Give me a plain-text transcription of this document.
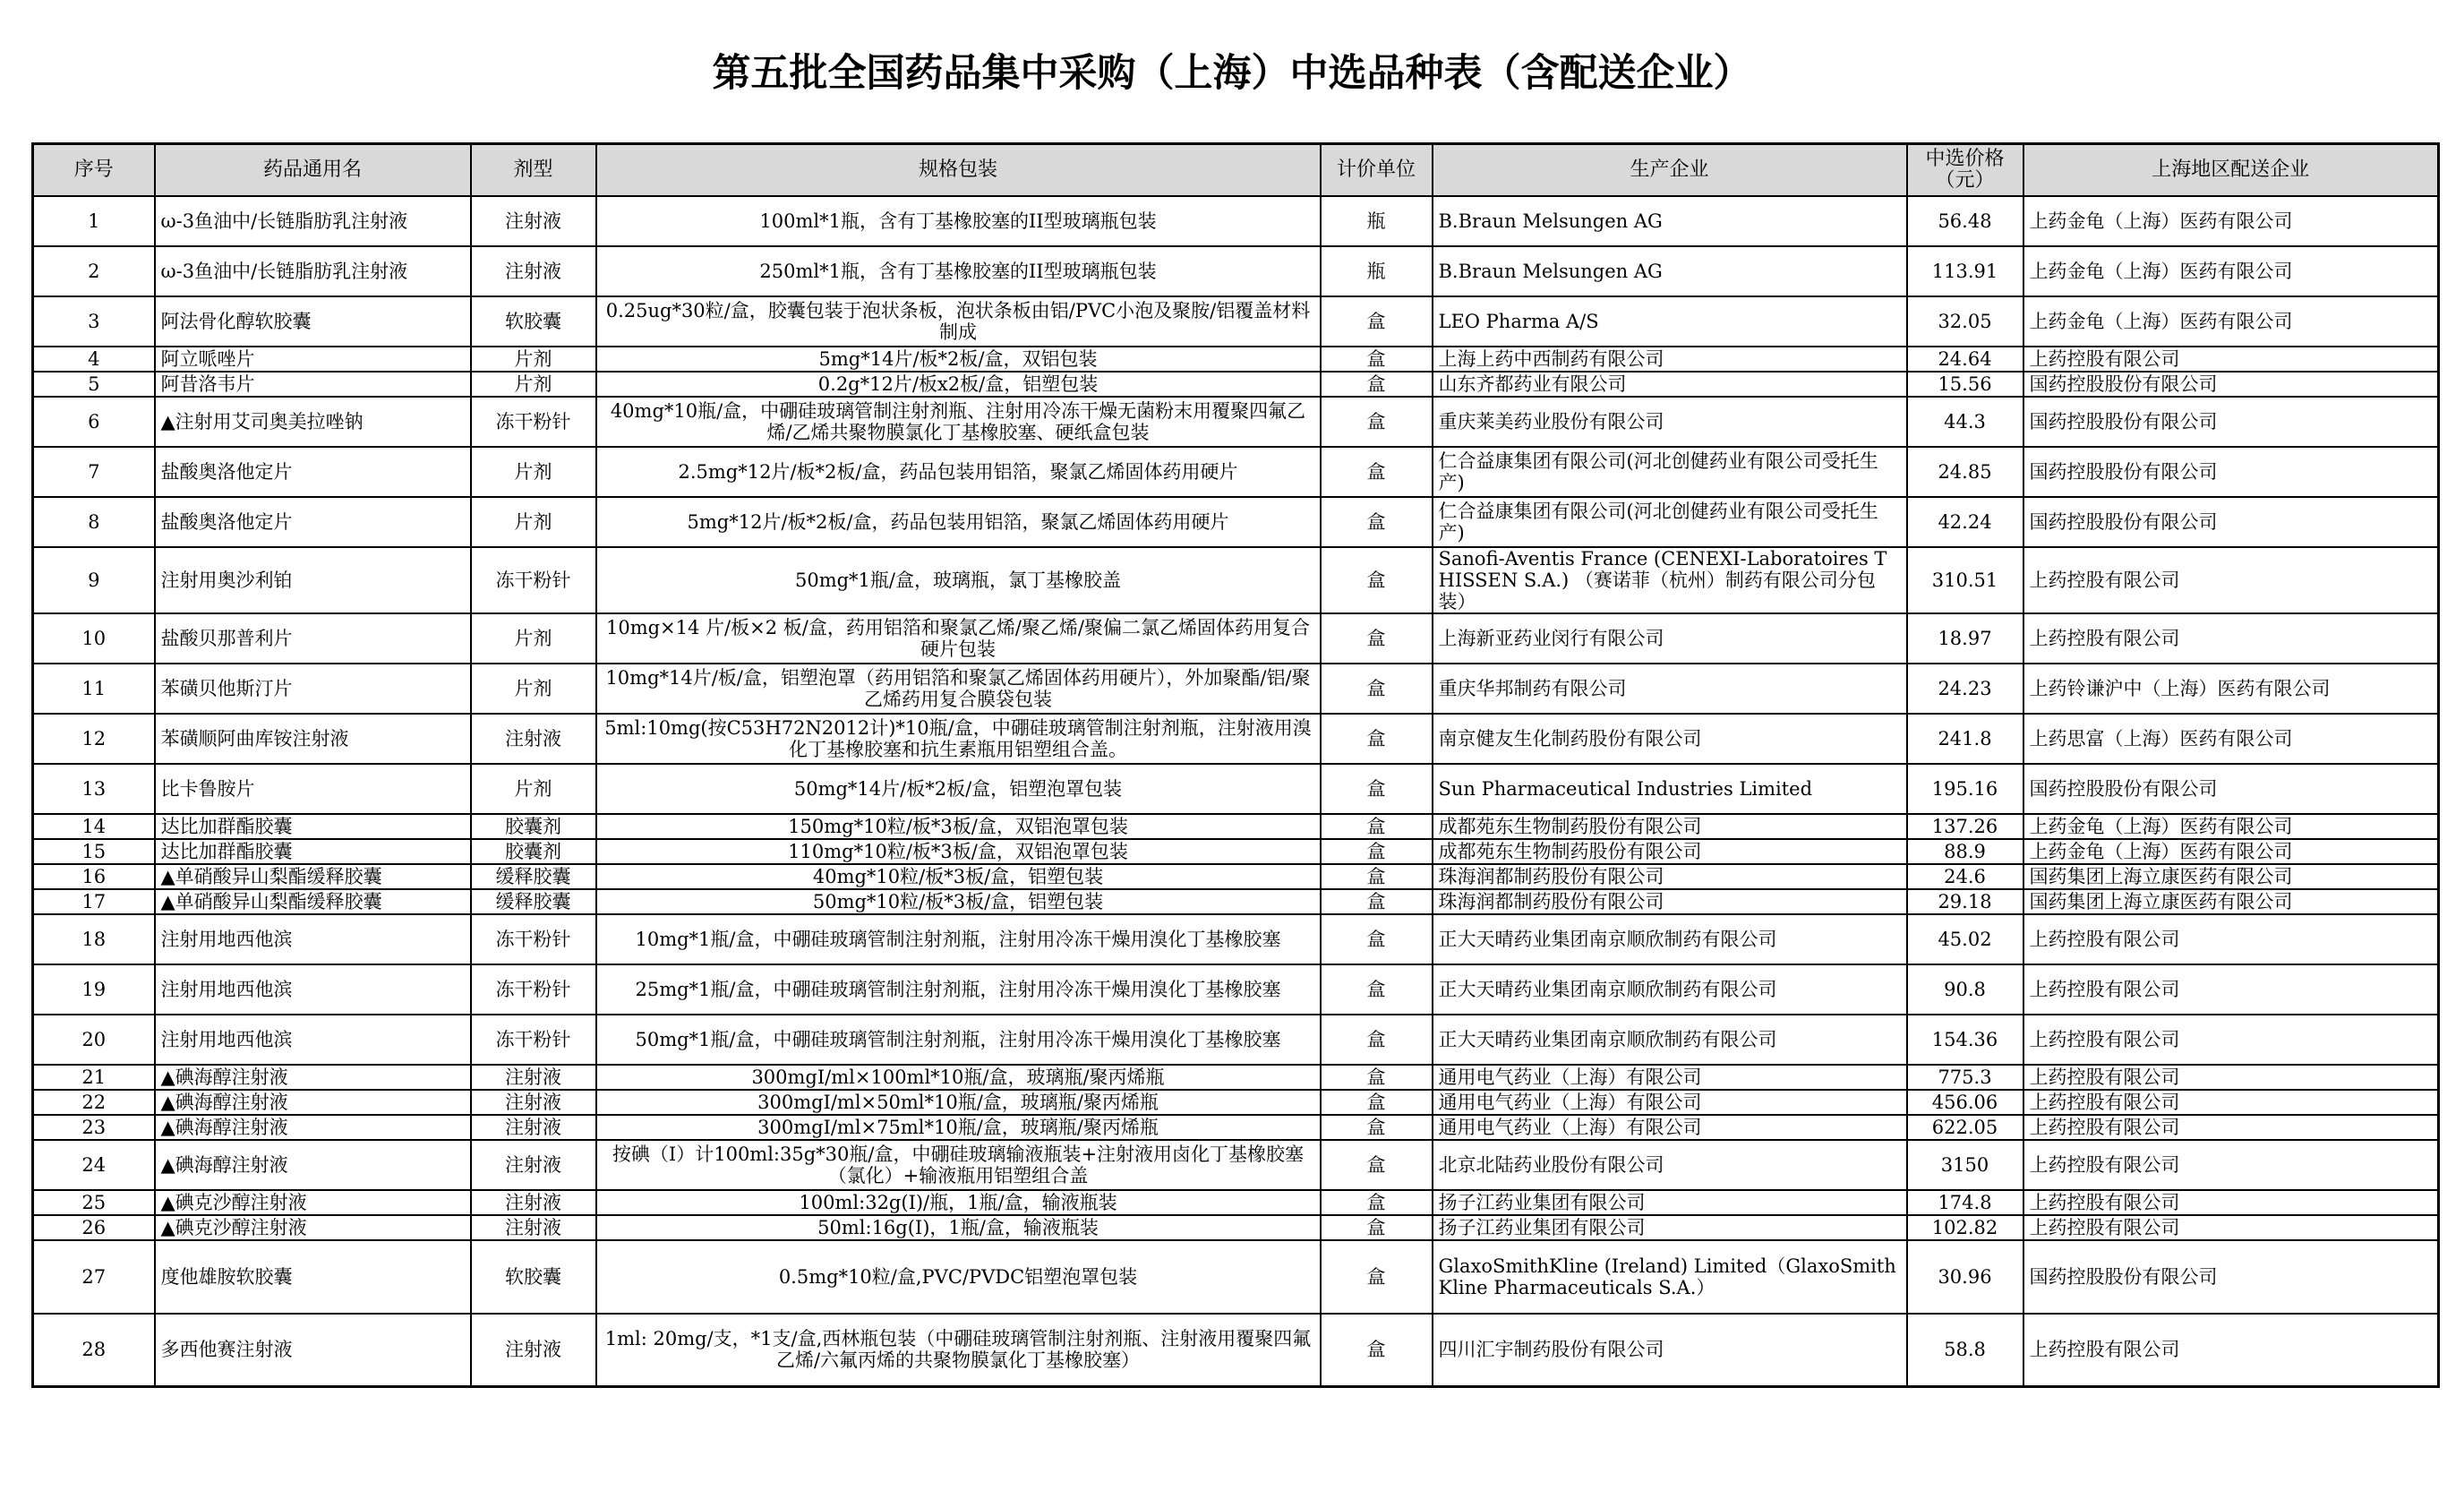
第五批全国药品集中采购（上海）中选品种表（含配送企业）
序号	药品通用名	剂型	规格包装	计价单位	生产企业	中选价格（元）	上海地区配送企业
1	ω-3鱼油中/长链脂肪乳注射液	注射液	100ml*1瓶，含有丁基橡胶塞的II型玻璃瓶包装	瓶	B.Braun Melsungen AG	56.48	上药金龟（上海）医药有限公司
2	ω-3鱼油中/长链脂肪乳注射液	注射液	250ml*1瓶，含有丁基橡胶塞的II型玻璃瓶包装	瓶	B.Braun Melsungen AG	113.91	上药金龟（上海）医药有限公司
3	阿法骨化醇软胶囊	软胶囊	0.25ug*30粒/盒，胶囊包装于泡状条板，泡状条板由铝/PVC小泡及聚胺/铝覆盖材料制成	盒	LEO Pharma A/S	32.05	上药金龟（上海）医药有限公司
4	阿立哌唑片	片剂	5mg*14片/板*2板/盒，双铝包装	盒	上海上药中西制药有限公司	24.64	上药控股有限公司
5	阿昔洛韦片	片剂	0.2g*12片/板x2板/盒，铝塑包装	盒	山东齐都药业有限公司	15.56	国药控股股份有限公司
6	▲注射用艾司奥美拉唑钠	冻干粉针	40mg*10瓶/盒，中硼硅玻璃管制注射剂瓶、注射用冷冻干燥无菌粉末用覆聚四氟乙烯/乙烯共聚物膜氯化丁基橡胶塞、硬纸盒包装	盒	重庆莱美药业股份有限公司	44.3	国药控股股份有限公司
7	盐酸奥洛他定片	片剂	2.5mg*12片/板*2板/盒，药品包装用铝箔，聚氯乙烯固体药用硬片	盒	仁合益康集团有限公司(河北创健药业有限公司受托生产)	24.85	国药控股股份有限公司
8	盐酸奥洛他定片	片剂	5mg*12片/板*2板/盒，药品包装用铝箔，聚氯乙烯固体药用硬片	盒	仁合益康集团有限公司(河北创健药业有限公司受托生产)	42.24	国药控股股份有限公司
9	注射用奥沙利铂	冻干粉针	50mg*1瓶/盒，玻璃瓶，氯丁基橡胶盖	盒	Sanofi-Aventis France (CENEXI-Laboratoires THISSEN S.A.) （赛诺菲（杭州）制药有限公司分包装）	310.51	上药控股有限公司
10	盐酸贝那普利片	片剂	10mg×14 片/板×2 板/盒，药用铝箔和聚氯乙烯/聚乙烯/聚偏二氯乙烯固体药用复合硬片包装	盒	上海新亚药业闵行有限公司	18.97	上药控股有限公司
11	苯磺贝他斯汀片	片剂	10mg*14片/板/盒，铝塑泡罩（药用铝箔和聚氯乙烯固体药用硬片），外加聚酯/铝/聚乙烯药用复合膜袋包装	盒	重庆华邦制药有限公司	24.23	上药铃谦沪中（上海）医药有限公司
12	苯磺顺阿曲库铵注射液	注射液	5ml:10mg(按C53H72N2012计)*10瓶/盒，中硼硅玻璃管制注射剂瓶，注射液用溴化丁基橡胶塞和抗生素瓶用铝塑组合盖。	盒	南京健友生化制药股份有限公司	241.8	上药思富（上海）医药有限公司
13	比卡鲁胺片	片剂	50mg*14片/板*2板/盒，铝塑泡罩包装	盒	Sun Pharmaceutical Industries Limited	195.16	国药控股股份有限公司
14	达比加群酯胶囊	胶囊剂	150mg*10粒/板*3板/盒，双铝泡罩包装	盒	成都苑东生物制药股份有限公司	137.26	上药金龟（上海）医药有限公司
15	达比加群酯胶囊	胶囊剂	110mg*10粒/板*3板/盒，双铝泡罩包装	盒	成都苑东生物制药股份有限公司	88.9	上药金龟（上海）医药有限公司
16	▲单硝酸异山梨酯缓释胶囊	缓释胶囊	40mg*10粒/板*3板/盒，铝塑包装	盒	珠海润都制药股份有限公司	24.6	国药集团上海立康医药有限公司
17	▲单硝酸异山梨酯缓释胶囊	缓释胶囊	50mg*10粒/板*3板/盒，铝塑包装	盒	珠海润都制药股份有限公司	29.18	国药集团上海立康医药有限公司
18	注射用地西他滨	冻干粉针	10mg*1瓶/盒，中硼硅玻璃管制注射剂瓶，注射用冷冻干燥用溴化丁基橡胶塞	盒	正大天晴药业集团南京顺欣制药有限公司	45.02	上药控股有限公司
19	注射用地西他滨	冻干粉针	25mg*1瓶/盒，中硼硅玻璃管制注射剂瓶，注射用冷冻干燥用溴化丁基橡胶塞	盒	正大天晴药业集团南京顺欣制药有限公司	90.8	上药控股有限公司
20	注射用地西他滨	冻干粉针	50mg*1瓶/盒，中硼硅玻璃管制注射剂瓶，注射用冷冻干燥用溴化丁基橡胶塞	盒	正大天晴药业集团南京顺欣制药有限公司	154.36	上药控股有限公司
21	▲碘海醇注射液	注射液	300mgI/ml×100ml*10瓶/盒，玻璃瓶/聚丙烯瓶	盒	通用电气药业（上海）有限公司	775.3	上药控股有限公司
22	▲碘海醇注射液	注射液	300mgI/ml×50ml*10瓶/盒，玻璃瓶/聚丙烯瓶	盒	通用电气药业（上海）有限公司	456.06	上药控股有限公司
23	▲碘海醇注射液	注射液	300mgI/ml×75ml*10瓶/盒，玻璃瓶/聚丙烯瓶	盒	通用电气药业（上海）有限公司	622.05	上药控股有限公司
24	▲碘海醇注射液	注射液	按碘（I）计100ml:35g*30瓶/盒，中硼硅玻璃输液瓶装+注射液用卤化丁基橡胶塞（氯化）+输液瓶用铝塑组合盖	盒	北京北陆药业股份有限公司	3150	上药控股有限公司
25	▲碘克沙醇注射液	注射液	100ml:32g(I)/瓶，1瓶/盒，输液瓶装	盒	扬子江药业集团有限公司	174.8	上药控股有限公司
26	▲碘克沙醇注射液	注射液	50ml:16g(I)，1瓶/盒，输液瓶装	盒	扬子江药业集团有限公司	102.82	上药控股有限公司
27	度他雄胺软胶囊	软胶囊	0.5mg*10粒/盒,PVC/PVDC铝塑泡罩包装	盒	GlaxoSmithKline (Ireland) Limited（GlaxoSmithKline Pharmaceuticals S.A.）	30.96	国药控股股份有限公司
28	多西他赛注射液	注射液	1ml: 20mg/支，*1支/盒,西林瓶包装（中硼硅玻璃管制注射剂瓶、注射液用覆聚四氟乙烯/六氟丙烯的共聚物膜氯化丁基橡胶塞）	盒	四川汇宇制药股份有限公司	58.8	上药控股有限公司
